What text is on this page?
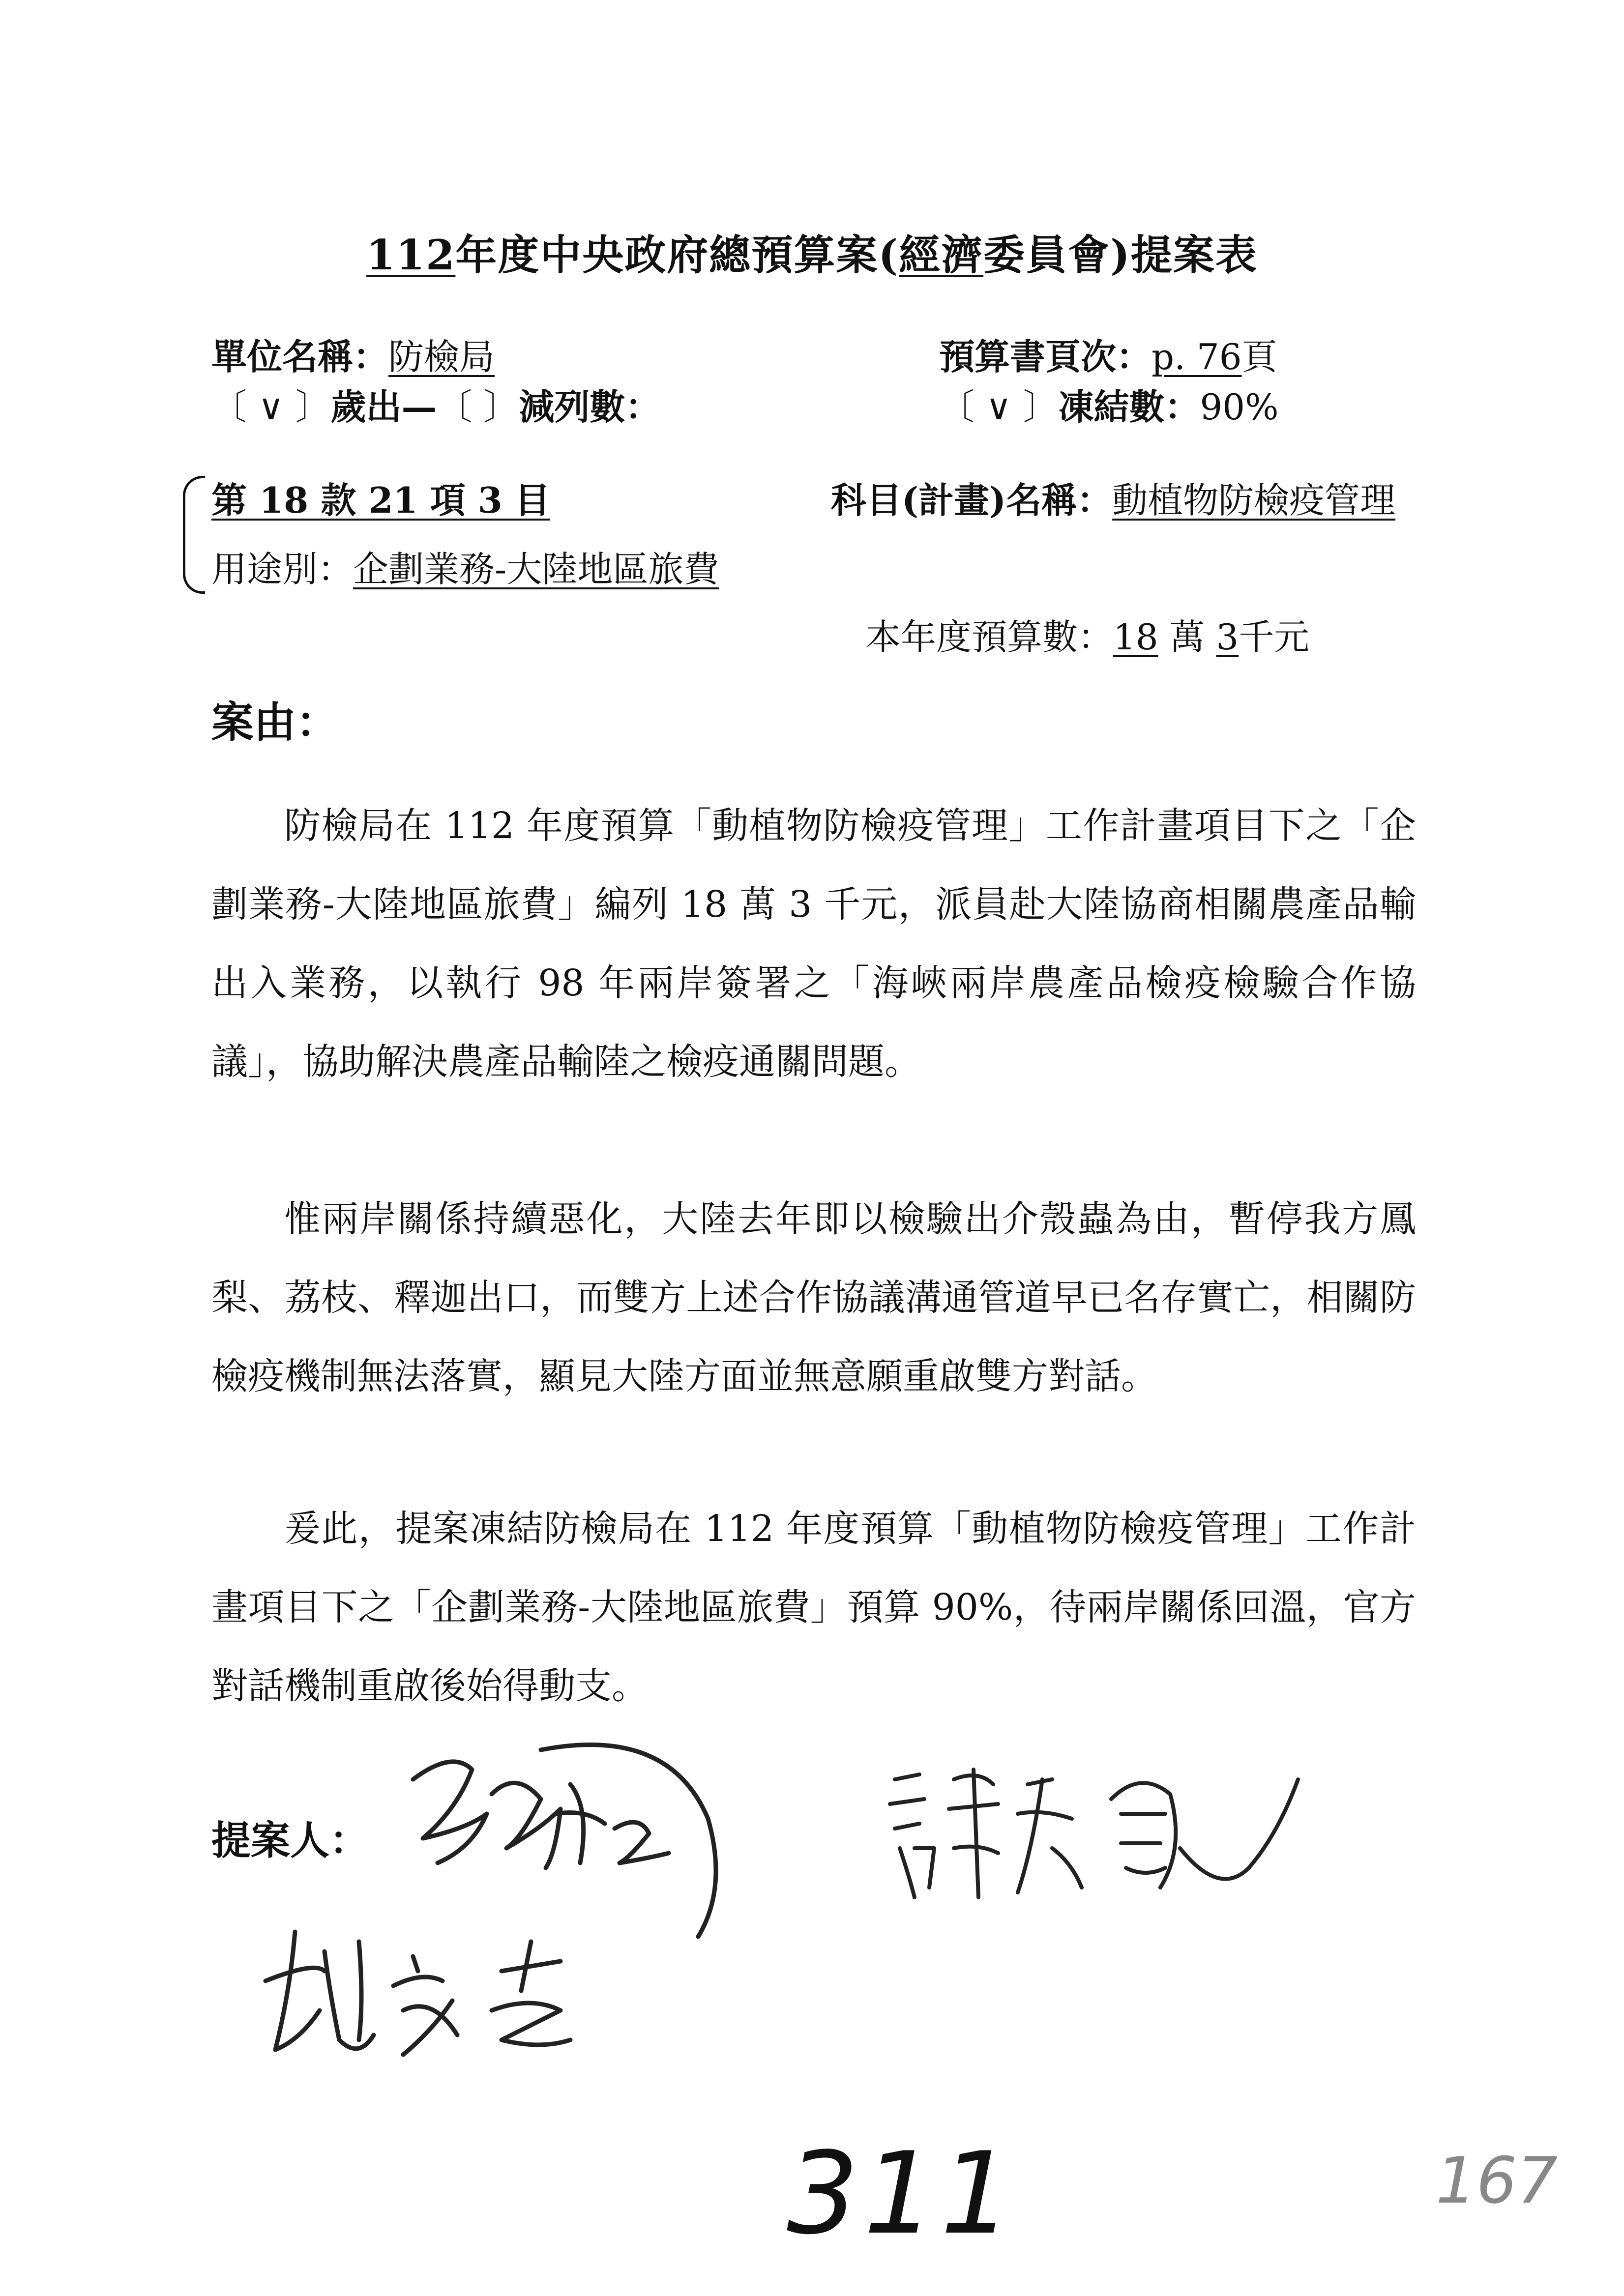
112年度中央政府總預算案(經濟委員會)提案表
單位名稱：防檢局	預算書頁次：p. 76頁
〔 ∨ 〕歲出—〔 〕減列數：	〔 ∨ 〕凍結數：90%
第 18 款 21 項 3 目	科目(計畫)名稱：動植物防檢疫管理
用途別：企劃業務-大陸地區旅費
本年度預算數：18 萬 3千元
案由：
防檢局在 112 年度預算「動植物防檢疫管理」工作計畫項目下之「企劃業務-大陸地區旅費」編列 18 萬 3 千元，派員赴大陸協商相關農產品輸出入業務，以執行 98 年兩岸簽署之「海峽兩岸農產品檢疫檢驗合作協議」，協助解決農產品輸陸之檢疫通關問題。
惟兩岸關係持續惡化，大陸去年即以檢驗出介殼蟲為由，暫停我方鳳梨、荔枝、釋迦出口，而雙方上述合作協議溝通管道早已名存實亡，相關防檢疫機制無法落實，顯見大陸方面並無意願重啟雙方對話。
爰此，提案凍結防檢局在 112 年度預算「動植物防檢疫管理」工作計畫項目下之「企劃業務-大陸地區旅費」預算 90%，待兩岸關係回溫，官方對話機制重啟後始得動支。
提案人：
311	167
